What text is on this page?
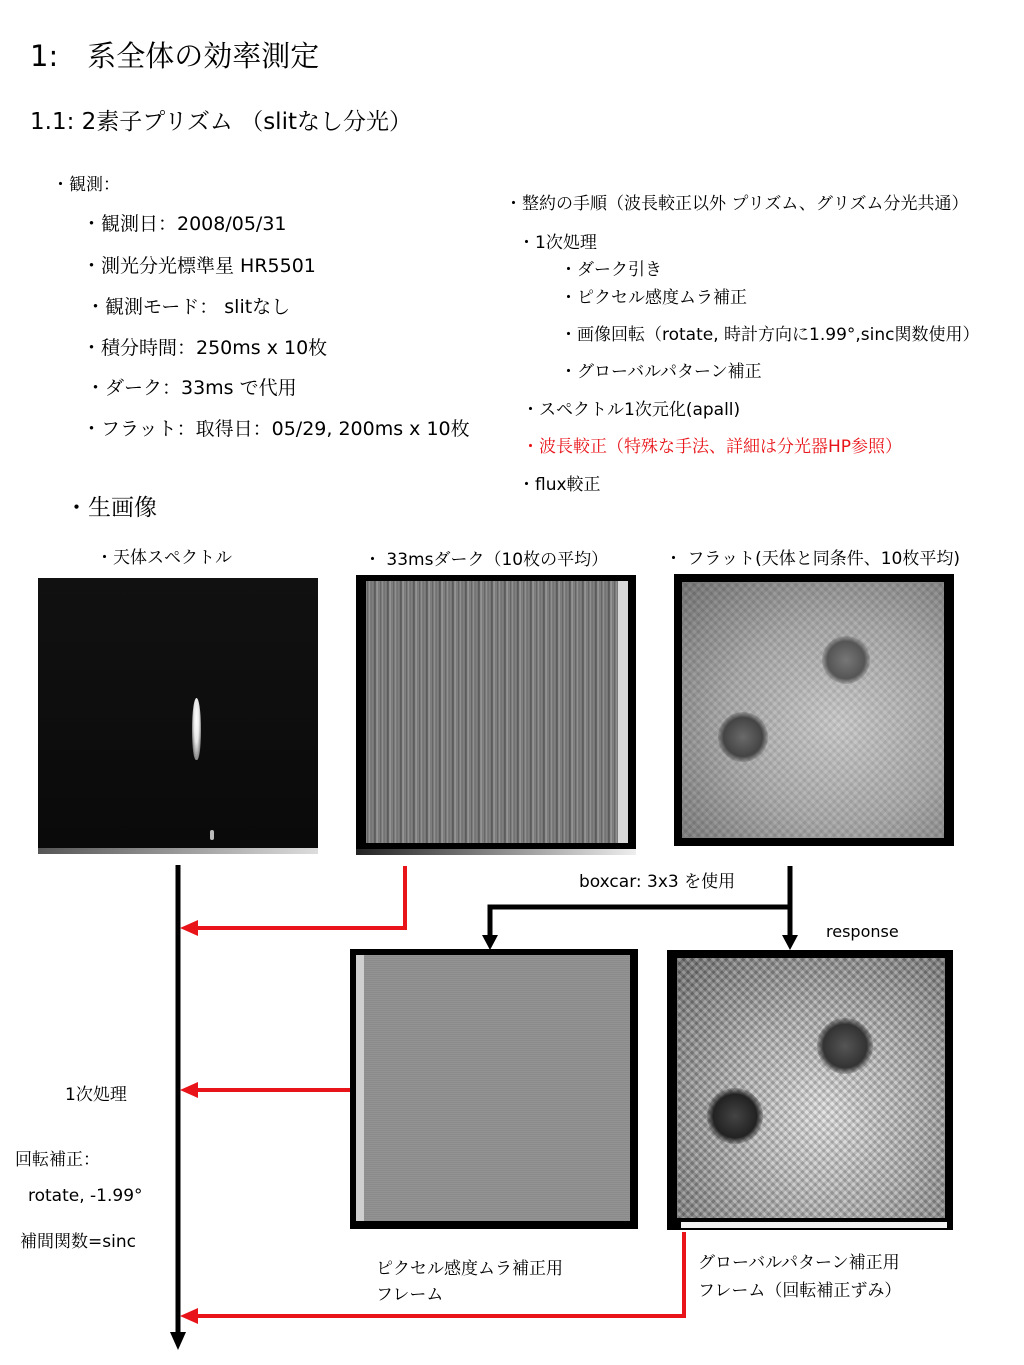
1:　系全体の効率測定
1.1: 2素子プリズム （slitなし分光）
・観測：
・観測日：2008/05/31
・測光分光標準星 HR5501
・観測モード： slitなし
・積分時間：250ms x 10枚
・ダーク：33ms で代用
・フラット：取得日：05/29, 200ms x 10枚
・整約の手順（波長較正以外 プリズム、グリズム分光共通）
・1次処理
・ダーク引き
・ピクセル感度ムラ補正
・画像回転（rotate, 時計方向に1.99°,sinc関数使用）
・グローバルパターン補正
・スペクトル1次元化(apall)
・波長較正（特殊な手法、詳細は分光器HP参照）
・flux較正
・生画像
・天体スペクトル	・ 33msダーク（10枚の平均）	・ フラット(天体と同条件、10枚平均)
boxcar: 3x3 を使用
response
1次処理
回転補正：
rotate, -1.99°
補間関数=sinc
ピクセル感度ムラ補正用
フレーム
グローバルパターン補正用
フレーム（回転補正ずみ）
